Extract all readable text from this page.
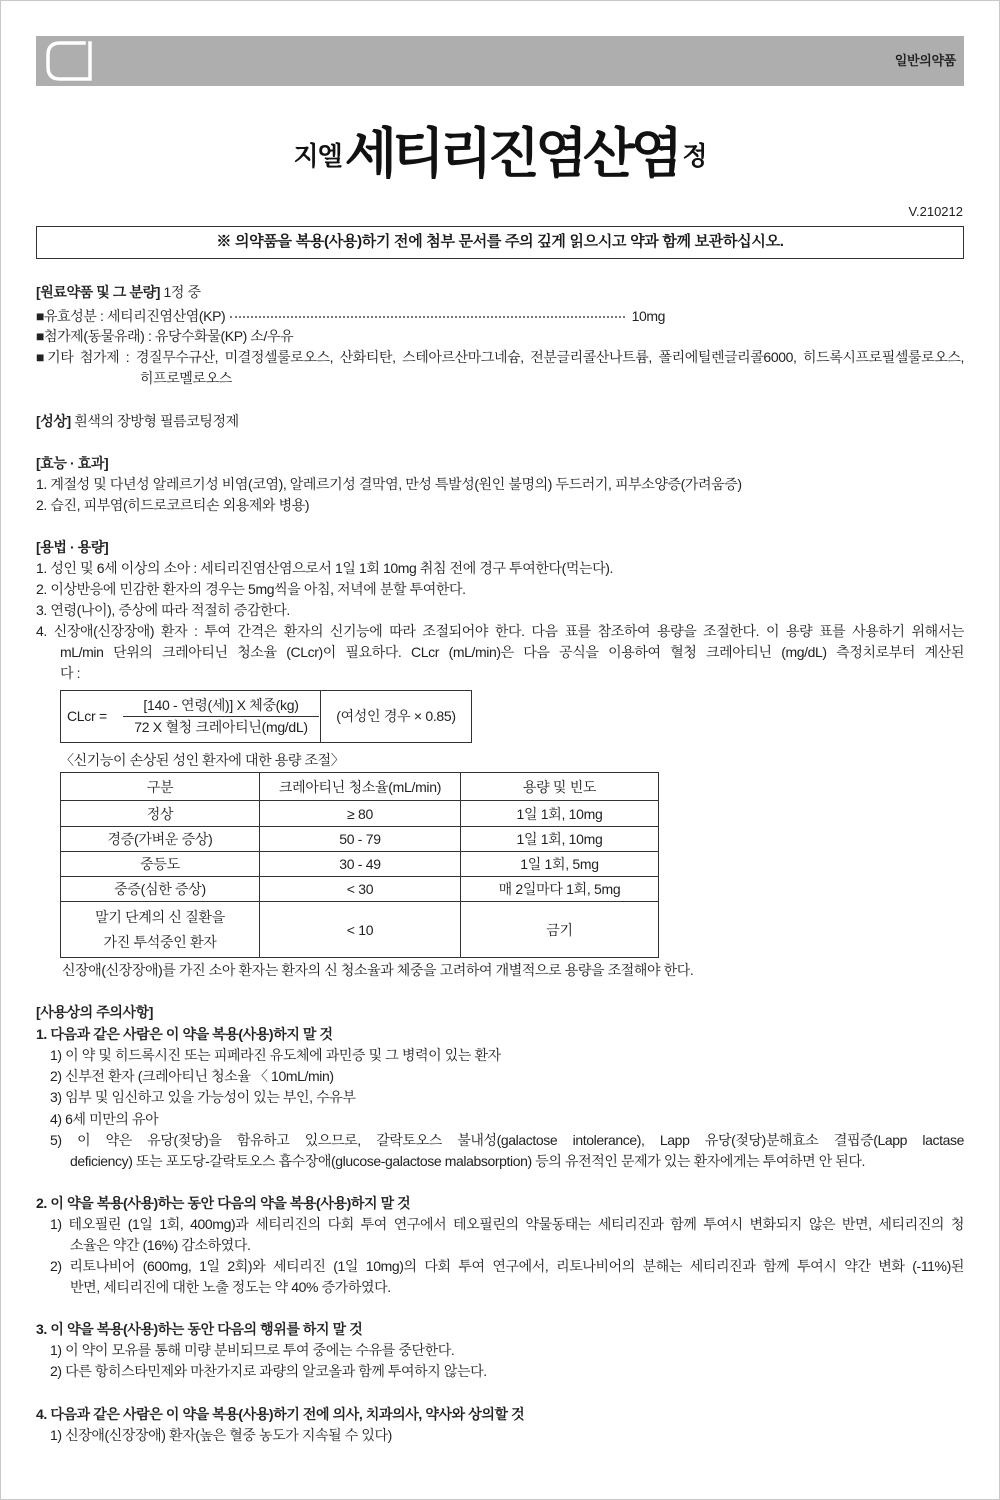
일반의약품
지엘 세티리진염산염 정
V.210212
※ 의약품을 복용(사용)하기 전에 첨부 문서를 주의 깊게 읽으시고 약과 함께 보관하십시오.
[원료약품 및 그 분량] 1정 중
■유효성분 : 세티리진염산염(KP)	10mg
■첨가제(동물유래) : 유당수화물(KP) 소/우유
■기타 첨가제 : 경질무수규산, 미결정셀룰로오스, 산화티탄, 스테아르산마그네슘, 전분글리콜산나트륨, 폴리에틸렌글리콜6000, 히드록시프로필셀룰로오스,
히프로멜로오스
[성상] 흰색의 장방형 필름코팅정제
[효능 · 효과]
1. 계절성 및 다년성 알레르기성 비염(코염), 알레르기성 결막염, 만성 특발성(원인 불명의) 두드러기, 피부소양증(가려움증)
2. 습진, 피부염(히드로코르티손 외용제와 병용)
[용법 · 용량]
1. 성인 및 6세 이상의 소아 : 세티리진염산염으로서 1일 1회 10mg 취침 전에 경구 투여한다(먹는다).
2. 이상반응에 민감한 환자의 경우는 5mg씩을 아침, 저녁에 분할 투여한다.
3. 연령(나이), 증상에 따라 적절히 증감한다.
4. 신장애(신장장애) 환자 : 투여 간격은 환자의 신기능에 따라 조절되어야 한다. 다음 표를 참조하여 용량을 조절한다. 이 용량 표를 사용하기 위해서는
mL/min 단위의 크레아티닌 청소율 (CLcr)이 필요하다. CLcr (mL/min)은 다음 공식을 이용하여 혈청 크레아티닌 (mg/dL) 측정치로부터 계산된
다 :
CLcr =
[140 - 연령(세)] X 체중(kg)
72 X 혈청 크레아티닌(mg/dL)
(여성인 경우 × 0.85)
〈신기능이 손상된 성인 환자에 대한 용량 조절〉
구분	크레아티닌 청소율(mL/min)	용량 및 빈도
정상	≥ 80	1일 1회, 10mg
경증(가벼운 증상)	50 - 79	1일 1회, 10mg
중등도	30 - 49	1일 1회, 5mg
중증(심한 증상)	< 30	매 2일마다 1회, 5mg

말기 단계의 신 질환을
가진 투석중인 환자	< 10	금기
신장애(신장장애)를 가진 소아 환자는 환자의 신 청소율과 체중을 고려하여 개별적으로 용량을 조절해야 한다.
[사용상의 주의사항]
1. 다음과 같은 사람은 이 약을 복용(사용)하지 말 것
1) 이 약 및 히드록시진 또는 피페라진 유도체에 과민증 및 그 병력이 있는 환자
2) 신부전 환자 (크레아티닌 청소율 〈 10mL/min)
3) 임부 및 임신하고 있을 가능성이 있는 부인, 수유부
4) 6세 미만의 유아
5) 이 약은 유당(젖당)을 함유하고 있으므로, 갈락토오스 불내성(galactose intolerance), Lapp 유당(젖당)분해효소 결핍증(Lapp lactase
deficiency) 또는 포도당-갈락토오스 흡수장애(glucose-galactose malabsorption) 등의 유전적인 문제가 있는 환자에게는 투여하면 안 된다.
2. 이 약을 복용(사용)하는 동안 다음의 약을 복용(사용)하지 말 것
1) 테오필린 (1일 1회, 400mg)과 세티리진의 다회 투여 연구에서 테오필린의 약물동태는 세티리진과 함께 투여시 변화되지 않은 반면, 세티리진의 청
소율은 약간 (16%) 감소하였다.
2) 리토나비어 (600mg, 1일 2회)와 세티리진 (1일 10mg)의 다회 투여 연구에서, 리토나비어의 분해는 세티리진과 함께 투여시 약간 변화 (-11%)된
반면, 세티리진에 대한 노출 정도는 약 40% 증가하였다.
3. 이 약을 복용(사용)하는 동안 다음의 행위를 하지 말 것
1) 이 약이 모유를 통해 미량 분비되므로 투여 중에는 수유를 중단한다.
2) 다른 항히스타민제와 마찬가지로 과량의 알코올과 함께 투여하지 않는다.
4. 다음과 같은 사람은 이 약을 복용(사용)하기 전에 의사, 치과의사, 약사와 상의할 것
1) 신장애(신장장애) 환자(높은 혈중 농도가 지속될 수 있다)
